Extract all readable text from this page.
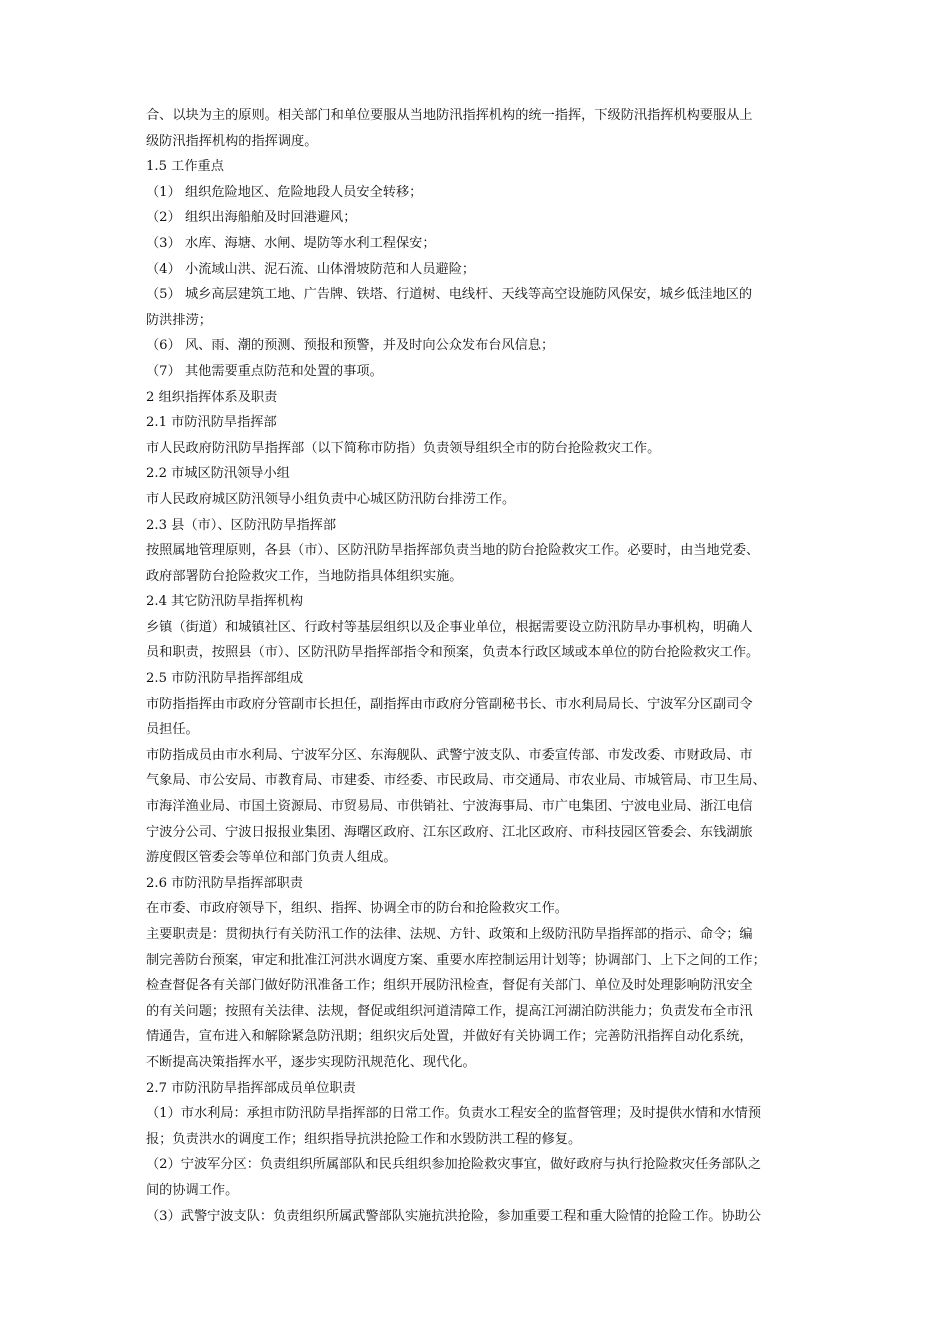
合、以块为主的原则。相关部门和单位要服从当地防汛指挥机构的统一指挥，下级防汛指挥机构要服从上
级防汛指挥机构的指挥调度。
1.5 工作重点
（1） 组织危险地区、危险地段人员安全转移；
（2） 组织出海船舶及时回港避风；
（3） 水库、海塘、水闸、堤防等水利工程保安；
（4） 小流域山洪、泥石流、山体滑坡防范和人员避险；
（5） 城乡高层建筑工地、广告牌、铁塔、行道树、电线杆、天线等高空设施防风保安，城乡低洼地区的
防洪排涝；
（6） 风、雨、潮的预测、预报和预警，并及时向公众发布台风信息；
（7） 其他需要重点防范和处置的事项。
2 组织指挥体系及职责
2.1 市防汛防旱指挥部
市人民政府防汛防旱指挥部（以下简称市防指）负责领导组织全市的防台抢险救灾工作。
2.2 市城区防汛领导小组
市人民政府城区防汛领导小组负责中心城区防汛防台排涝工作。
2.3 县（市）、区防汛防旱指挥部
按照属地管理原则，各县（市）、区防汛防旱指挥部负责当地的防台抢险救灾工作。必要时，由当地党委、
政府部署防台抢险救灾工作，当地防指具体组织实施。
2.4 其它防汛防旱指挥机构
乡镇（街道）和城镇社区、行政村等基层组织以及企事业单位，根据需要设立防汛防旱办事机构，明确人
员和职责，按照县（市）、区防汛防旱指挥部指令和预案，负责本行政区域或本单位的防台抢险救灾工作。
2.5 市防汛防旱指挥部组成
市防指指挥由市政府分管副市长担任，副指挥由市政府分管副秘书长、市水利局局长、宁波军分区副司令
员担任。
市防指成员由市水利局、宁波军分区、东海舰队、武警宁波支队、市委宣传部、市发改委、市财政局、市
气象局、市公安局、市教育局、市建委、市经委、市民政局、市交通局、市农业局、市城管局、市卫生局、
市海洋渔业局、市国土资源局、市贸易局、市供销社、宁波海事局、市广电集团、宁波电业局、浙江电信
宁波分公司、宁波日报报业集团、海曙区政府、江东区政府、江北区政府、市科技园区管委会、东钱湖旅
游度假区管委会等单位和部门负责人组成。
2.6 市防汛防旱指挥部职责
在市委、市政府领导下，组织、指挥、协调全市的防台和抢险救灾工作。
主要职责是：贯彻执行有关防汛工作的法律、法规、方针、政策和上级防汛防旱指挥部的指示、命令；编
制完善防台预案，审定和批准江河洪水调度方案、重要水库控制运用计划等；协调部门、上下之间的工作；
检查督促各有关部门做好防汛准备工作；组织开展防汛检查，督促有关部门、单位及时处理影响防汛安全
的有关问题；按照有关法律、法规，督促或组织河道清障工作，提高江河湖泊防洪能力；负责发布全市汛
情通告，宣布进入和解除紧急防汛期；组织灾后处置，并做好有关协调工作；完善防汛指挥自动化系统，
不断提高决策指挥水平，逐步实现防汛规范化、现代化。
2.7 市防汛防旱指挥部成员单位职责
（1）市水利局：承担市防汛防旱指挥部的日常工作。负责水工程安全的监督管理；及时提供水情和水情预
报；负责洪水的调度工作；组织指导抗洪抢险工作和水毁防洪工程的修复。
（2）宁波军分区：负责组织所属部队和民兵组织参加抢险救灾事宜，做好政府与执行抢险救灾任务部队之
间的协调工作。
（3）武警宁波支队：负责组织所属武警部队实施抗洪抢险，参加重要工程和重大险情的抢险工作。协助公
